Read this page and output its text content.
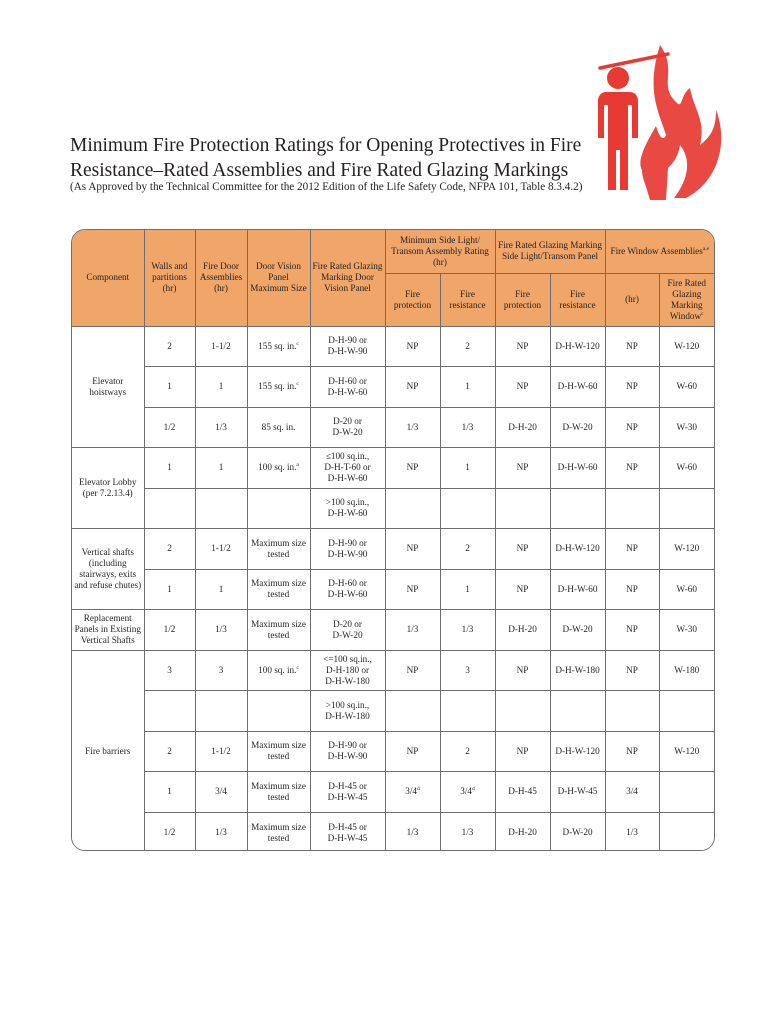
Minimum Fire Protection Ratings for Opening Protectives in Fire
Resistance–Rated Assemblies and Fire Rated Glazing Markings

(As Approved by the Technical Committee for the 2012 Edition of the Life Safety Code, NFPA 101, Table 8.3.4.2)

Component	Walls and partitions (hr)	Fire Door Assemblies (hr)	Door Vision Panel Maximum Size	Fire Rated Glazing Marking Door Vision Panel	Minimum Side Light/ Transom Assembly Rating (hr)		Fire Rated Glazing Marking Side Light/Transom Panel		Fire Window Assemblies$^{a,e}$
					Fire protection	Fire resistance	Fire protection	Fire resistance	(hr)	Fire Rated Glazing Marking Window$^c$
Elevator hoistways	2	1-1/2	155 sq. in.$^c$	D-H-90 or
D-H-W-90	NP	2	NP	D-H-W-120	NP	W-120
	1	1	155 sq. in.$^c$	D-H-60 or
D-H-W-60	NP	1	NP	D-H-W-60	NP	W-60
	1/2	1/3	85 sq. in.	D-20 or
D-W-20	1/3	1/3	D-H-20	D-W-20	NP	W-30
Elevator Lobby (per 7.2.13.4)	1	1	100 sq. in.$^a$	≤100 sq.in.,
D-H-T-60 or
D-H-W-60	NP	1	NP	D-H-W-60	NP	W-60
				>100 sq.in.,
D-H-W-60						
Vertical shafts (including stairways, exits and refuse chutes)	2	1-1/2	Maximum size
tested	D-H-90 or
D-H-W-90	NP	2	NP	D-H-W-120	NP	W-120
	1	1	Maximum size
tested	D-H-60 or
D-H-W-60	NP	1	NP	D-H-W-60	NP	W-60
Replacement Panels in Existing Vertical Shafts	1/2	1/3	Maximum size
tested	D-20 or
D-W-20	1/3	1/3	D-H-20	D-W-20	NP	W-30
Fire barriers	3	3	100 sq. in.$^c$	<=100 sq.in.,
D-H-180 or
D-H-W-180	NP	3	NP	D-H-W-180	NP	W-180
				>100 sq.in.,
D-H-W-180						
	2	1-1/2	Maximum size
tested	D-H-90 or
D-H-W-90	NP	2	NP	D-H-W-120	NP	W-120
	1	3/4	Maximum size
tested	D-H-45 or
D-H-W-45	3/4$^d$	3/4$^d$	D-H-45	D-H-W-45	3/4	
	1/2	1/3	Maximum size
tested	D-H-45 or
D-H-W-45	1/3	1/3	D-H-20	D-W-20	1/3	
